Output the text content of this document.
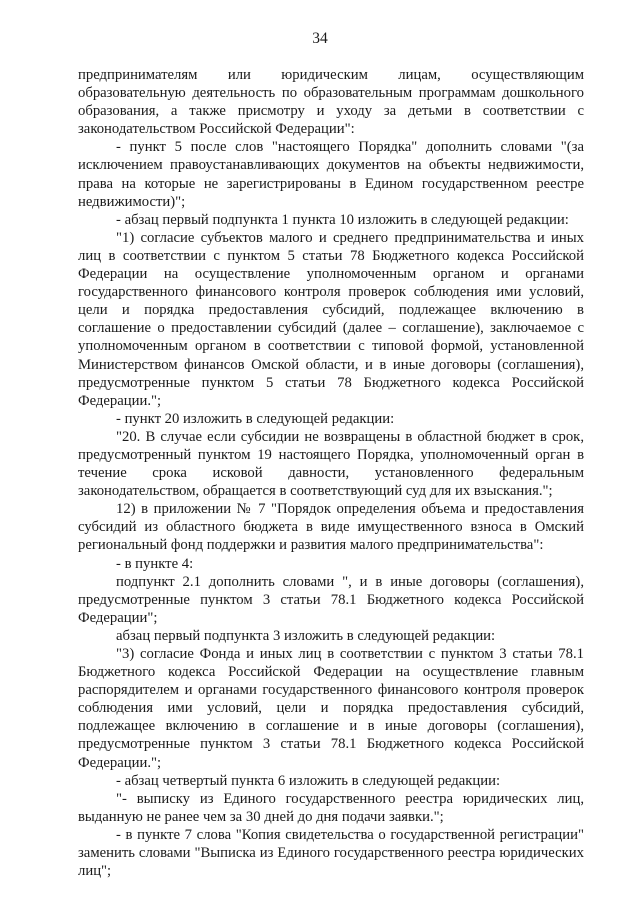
34

предпринимателям или юридическим лицам, осуществляющим образовательную деятельность по образовательным программам дошкольного образования, а также присмотру и уходу за детьми в соответствии с законодательством Российской Федерации":

- пункт 5 после слов "настоящего Порядка" дополнить словами "(за исключением правоустанавливающих документов на объекты недвижимости, права на которые не зарегистрированы в Едином государственном реестре недвижимости)";

- абзац первый подпункта 1 пункта 10 изложить в следующей редакции:

"1) согласие субъектов малого и среднего предпринимательства и иных лиц в соответствии с пунктом 5 статьи 78 Бюджетного кодекса Российской Федерации на осуществление уполномоченным органом и органами государственного финансового контроля проверок соблюдения ими условий, цели и порядка предоставления субсидий, подлежащее включению в соглашение о предоставлении субсидий (далее – соглашение), заключаемое с уполномоченным органом в соответствии с типовой формой, установленной Министерством финансов Омской области, и в иные договоры (соглашения), предусмотренные пунктом 5 статьи 78 Бюджетного кодекса Российской Федерации.";

- пункт 20 изложить в следующей редакции:

"20. В случае если субсидии не возвращены в областной бюджет в срок, предусмотренный пунктом 19 настоящего Порядка, уполномоченный орган в течение срока исковой давности, установленного федеральным законодательством, обращается в соответствующий суд для их взыскания.";

12) в приложении № 7 "Порядок определения объема и предоставления субсидий из областного бюджета в виде имущественного взноса в Омский региональный фонд поддержки и развития малого предпринимательства":

- в пункте 4:

подпункт 2.1 дополнить словами ", и в иные договоры (соглашения), предусмотренные пунктом 3 статьи 78.1 Бюджетного кодекса Российской Федерации";

абзац первый подпункта 3 изложить в следующей редакции:

"3) согласие Фонда и иных лиц в соответствии с пунктом 3 статьи 78.1 Бюджетного кодекса Российской Федерации на осуществление главным распорядителем и органами государственного финансового контроля проверок соблюдения ими условий, цели и порядка предоставления субсидий, подлежащее включению в соглашение и в иные договоры (соглашения), предусмотренные пунктом 3 статьи 78.1 Бюджетного кодекса Российской Федерации.";

- абзац четвертый пункта 6 изложить в следующей редакции:

"- выписку из Единого государственного реестра юридических лиц, выданную не ранее чем за 30 дней до дня подачи заявки.";

- в пункте 7 слова "Копия свидетельства о государственной регистрации" заменить словами "Выписка из Единого государственного реестра юридических лиц";
